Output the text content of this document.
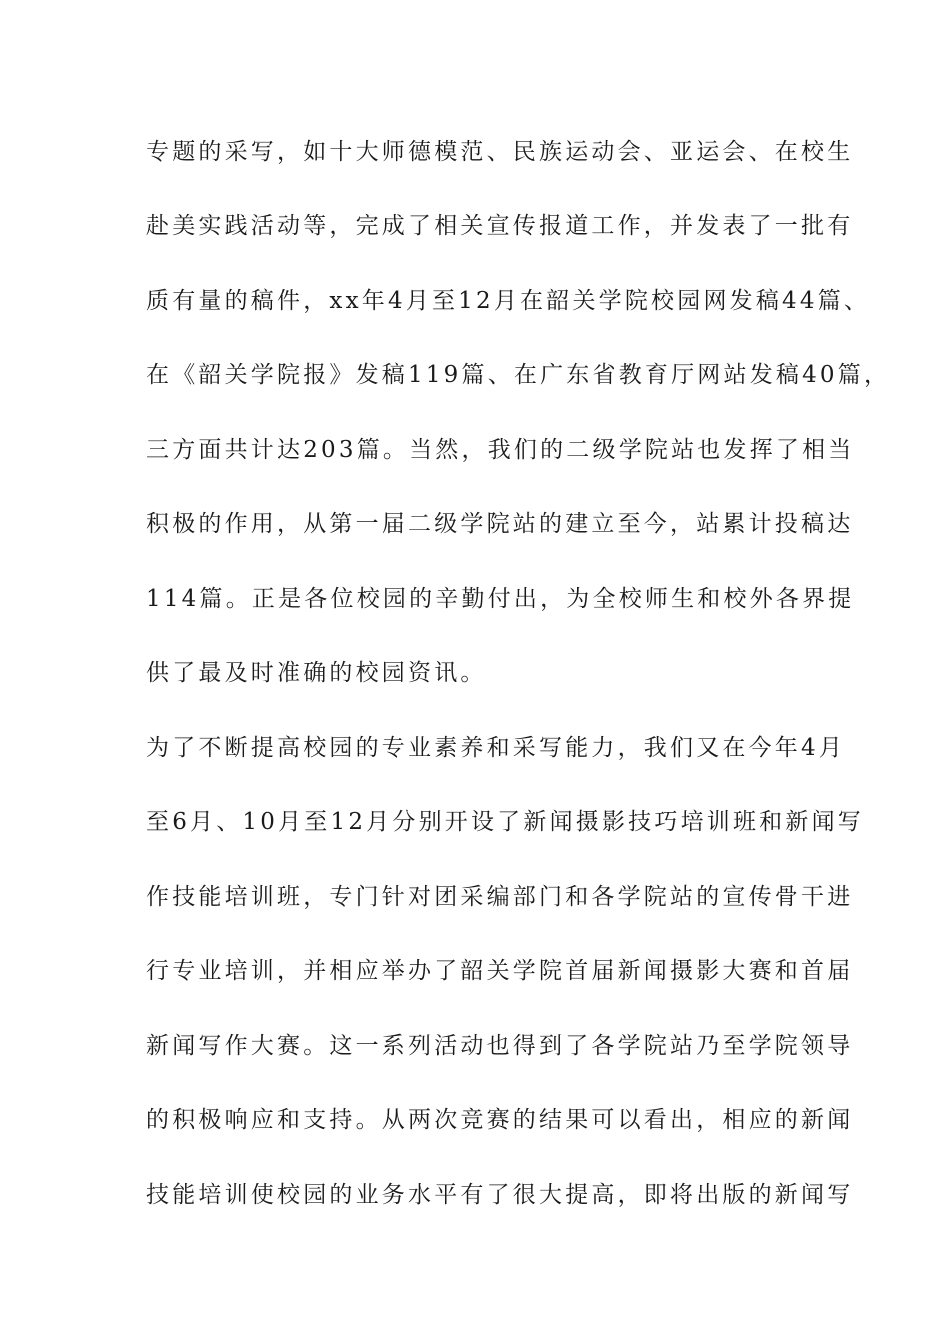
专题的采写，如十大师德模范、民族运动会、亚运会、在校生
赴美实践活动等，完成了相关宣传报道工作，并发表了一批有
质有量的稿件，xx年4月至12月在韶关学院校园网发稿44篇、
在《韶关学院报》发稿119篇、在广东省教育厅网站发稿40篇，
三方面共计达203篇。当然，我们的二级学院站也发挥了相当
积极的作用，从第一届二级学院站的建立至今，站累计投稿达
114篇。正是各位校园的辛勤付出，为全校师生和校外各界提
供了最及时准确的校园资讯。
为了不断提高校园的专业素养和采写能力，我们又在今年4月
至6月、10月至12月分别开设了新闻摄影技巧培训班和新闻写
作技能培训班，专门针对团采编部门和各学院站的宣传骨干进
行专业培训，并相应举办了韶关学院首届新闻摄影大赛和首届
新闻写作大赛。这一系列活动也得到了各学院站乃至学院领导
的积极响应和支持。从两次竞赛的结果可以看出，相应的新闻
技能培训使校园的业务水平有了很大提高，即将出版的新闻写
